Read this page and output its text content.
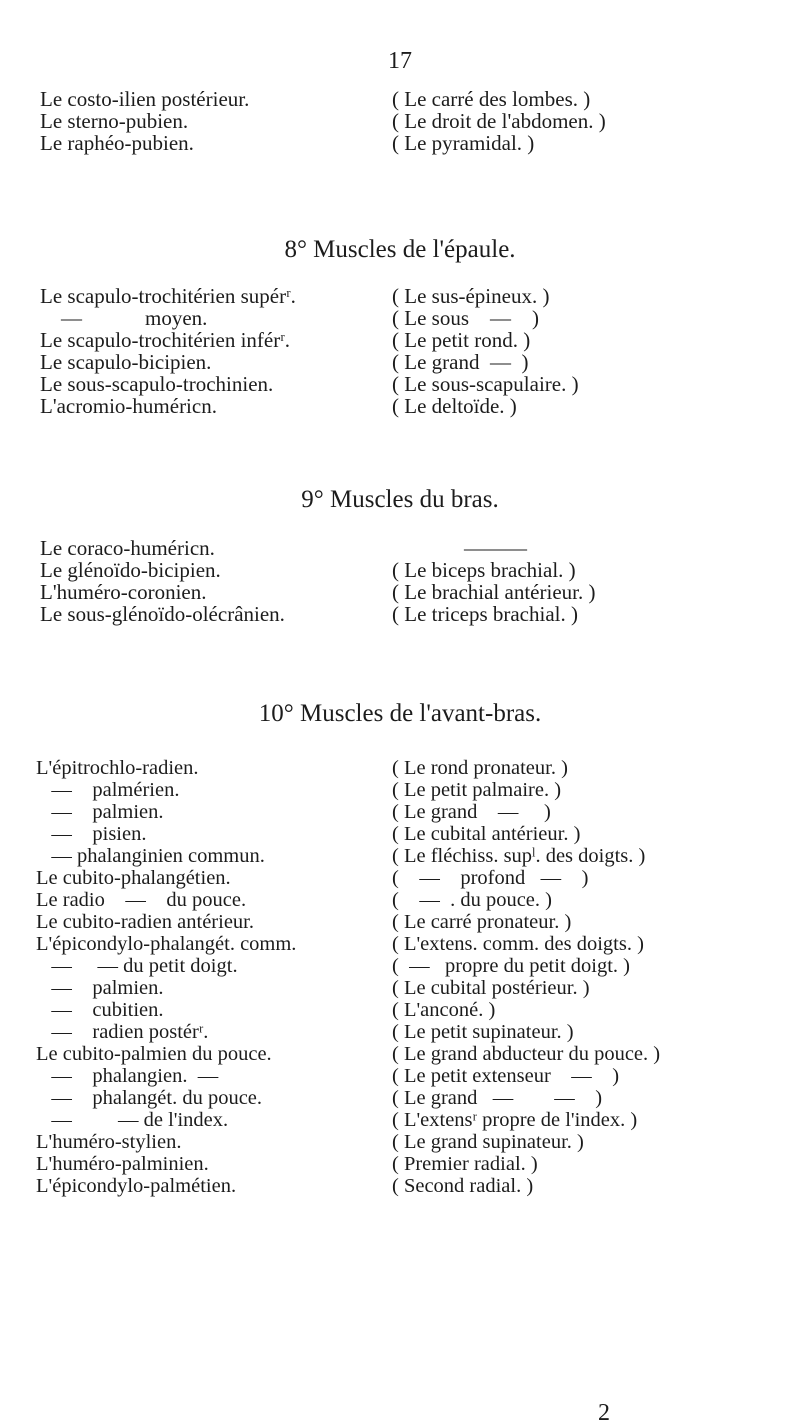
17
Le costo-ilien postérieur.
Le sterno-pubien.
Le raphéo-pubien.
( Le carré des lombes. )
( Le droit de l'abdomen. )
( Le pyramidal. )
8° Muscles de l'épaule.
Le scapulo-trochitérien supérʳ.
—            moyen.
Le scapulo-trochitérien inférʳ.
Le scapulo-bicipien.
Le sous-scapulo-trochinien.
L'acromio-huméricn.
( Le sus-épineux. )
( Le sous    —    )
( Le petit rond. )
( Le grand  —  )
( Le sous-scapulaire. )
( Le deltoïde. )
9° Muscles du bras.
Le coraco-huméricn.
Le glénoïdo-bicipien.
L'huméro-coronien.
Le sous-glénoïdo-olécrânien.
———
( Le biceps brachial. )
( Le brachial antérieur. )
( Le triceps brachial. )
10° Muscles de l'avant-bras.
L'épitrochlo-radien.
—    palmérien.
—    palmien.
—    pisien.
— phalanginien commun.
Le cubito-phalangétien.
Le radio    —    du pouce.
Le cubito-radien antérieur.
L'épicondylo-phalangét. comm.
—     — du petit doigt.
—    palmien.
—    cubitien.
—    radien postérʳ.
Le cubito-palmien du pouce.
—    phalangien.  —
—    phalangét. du pouce.
—         — de l'index.
L'huméro-stylien.
L'huméro-palminien.
L'épicondylo-palmétien.
( Le rond pronateur. )
( Le petit palmaire. )
( Le grand    —     )
( Le cubital antérieur. )
( Le fléchiss. supˡ. des doigts. )
(    —    profond   —    )
(    —  . du pouce. )
( Le carré pronateur. )
( L'extens. comm. des doigts. )
(  —   propre du petit doigt. )
( Le cubital postérieur. )
( L'anconé. )
( Le petit supinateur. )
( Le grand abducteur du pouce. )
( Le petit extenseur    —    )
( Le grand   —        —    )
( L'extensʳ propre de l'index. )
( Le grand supinateur. )
( Premier radial. )
( Second radial. )
2
